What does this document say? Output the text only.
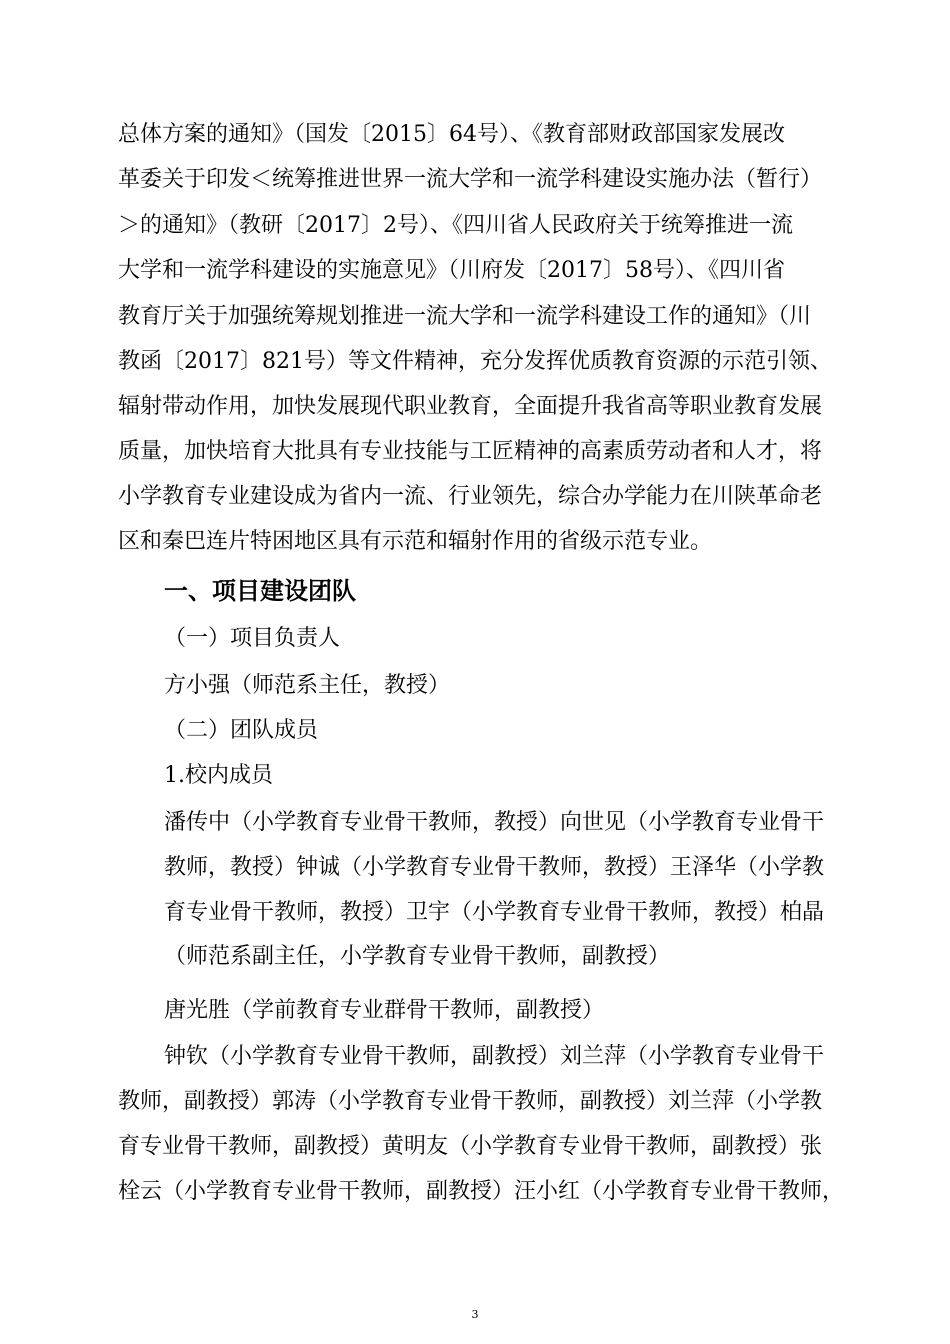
总体方案的通知》（国发〔2015〕64号）、《教育部财政部国家发展改
革委关于印发＜统筹推进世界一流大学和一流学科建设实施办法（暂行）
＞的通知》（教研〔2017〕2号）、《四川省人民政府关于统筹推进一流
大学和一流学科建设的实施意见》（川府发〔2017〕58号）、《四川省
教育厅关于加强统筹规划推进一流大学和一流学科建设工作的通知》（川
教函〔2017〕821号）等文件精神，充分发挥优质教育资源的示范引领、
辐射带动作用，加快发展现代职业教育，全面提升我省高等职业教育发展
质量，加快培育大批具有专业技能与工匠精神的高素质劳动者和人才，将
小学教育专业建设成为省内一流、行业领先，综合办学能力在川陕革命老
区和秦巴连片特困地区具有示范和辐射作用的省级示范专业。
一、项目建设团队
（一）项目负责人
方小强（师范系主任，教授）
（二）团队成员
1.校内成员
潘传中（小学教育专业骨干教师，教授）向世见（小学教育专业骨干
教师，教授）钟诚（小学教育专业骨干教师，教授）王泽华（小学教
育专业骨干教师，教授）卫宇（小学教育专业骨干教师，教授）柏晶
（师范系副主任，小学教育专业骨干教师，副教授）
唐光胜（学前教育专业群骨干教师，副教授）
钟钦（小学教育专业骨干教师，副教授）刘兰萍（小学教育专业骨干
教师，副教授）郭涛（小学教育专业骨干教师，副教授）刘兰萍（小学教
育专业骨干教师，副教授）黄明友（小学教育专业骨干教师，副教授）张
栓云（小学教育专业骨干教师，副教授）汪小红（小学教育专业骨干教师，
3
